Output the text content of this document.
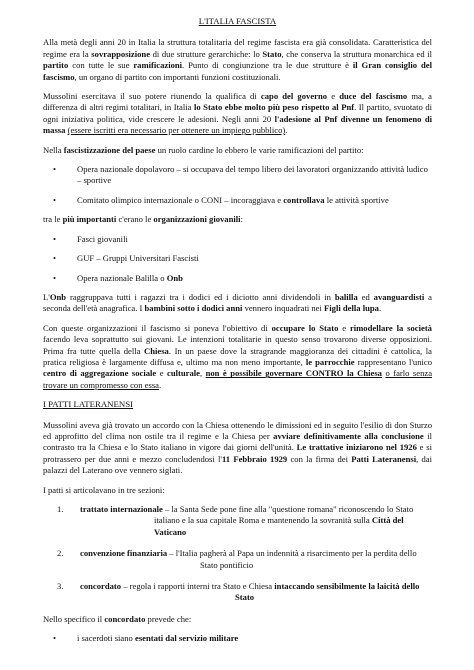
L'ITALIA FASCISTA

Alla metà degli anni 20 in Italia la struttura totalitaria del regime fascista era già consolidata. Caratteristica del regime era la sovrapposizione di due strutture gerarchiche: lo Stato, che conserva la struttura monarchica ed il partito con tutte le sue ramificazioni. Punto di congiunzione tra le due strutture è il Gran consiglio del fascismo, un organo di partito con importanti funzioni costituzionali.

Mussolini esercitava il suo potere riunendo la qualifica di capo del governo e duce del fascismo ma, a differenza di altri regimi totalitari, in Italia lo Stato ebbe molto più peso rispetto al Pnf. Il partito, svuotato di ogni iniziativa politica, vide crescere le adesioni. Negli anni 20 l'adesione al Pnf divenne un fenomeno di massa (essere iscritti era necessario per ottenere un impiego pubblico).

Nella fascistizzazione del paese un ruolo cardine lo ebbero le varie ramificazioni del partito:

• Opera nazionale dopolavoro – si occupava del tempo libero dei lavoratori organizzando attività ludico – sportive
• Comitato olimpico internazionale o CONI – incoraggiava e controllava le attività sportive

tra le più importanti c'erano le organizzazioni giovanili:

• Fasci giovanili
• GUF – Gruppi Universitari Fascisti
• Opera nazionale Balilla o Onb

L'Onb raggruppava tutti i ragazzi tra i dodici ed i diciotto anni dividendoli in balilla ed avanguardisti a seconda dell'età anagrafica. I bambini sotto i dodici anni vennero inquadrati nei Figli della lupa.

Con queste organizzazioni il fascismo si poneva l'obiettivo di occupare lo Stato e rimodellare la società facendo leva soprattutto sui giovani. Le intenzioni totalitarie in questo senso trovarono diverse opposizioni. Prima fra tutte quella della Chiesa. In un paese dove la stragrande maggioranza dei cittadini è cattolica, la pratica religiosa è largamente diffusa e, ultimo ma non meno importante, le parrocchie rappresentano l'unico centro di aggregazione sociale e culturale, non è possibile governare CONTRO la Chiesa o farlo senza trovare un compromesso con essa.

I PATTI LATERANENSI

Mussolini aveva già trovato un accordo con la Chiesa ottenendo le dimissioni ed in seguito l'esilio di don Sturzo ed approfitto del clima non ostile tra il regime e la Chiesa per avviare definitivamente alla conclusione il contrasto tra la Chiesa e lo Stato italiano in vigore dai giorni dell'unità. Le trattative iniziarono nel 1926 e si protrassero per due anni e mezzo concludendosi l'11 Febbraio 1929 con la firma dei Patti Lateranensi, dai palazzi del Laterano ove vennero siglati.

I patti si articolavano in tre sezioni:

1. trattato internazionale – la Santa Sede pone fine alla "questione romana" riconoscendo lo Stato
italiano e la sua capitale Roma e mantenendo la sovranità sulla Città del Vaticano
2. convenzione finanziaria – l'Italia pagherà al Papa un indennità a risarcimento per la perdita dello
Stato pontificio
3. concordato – regola i rapporti interni tra Stato e Chiesa intaccando sensibilmente la laicità dello
Stato

Nello specifico il concordato prevede che:

• i sacerdoti siano esentati dal servizio militare
